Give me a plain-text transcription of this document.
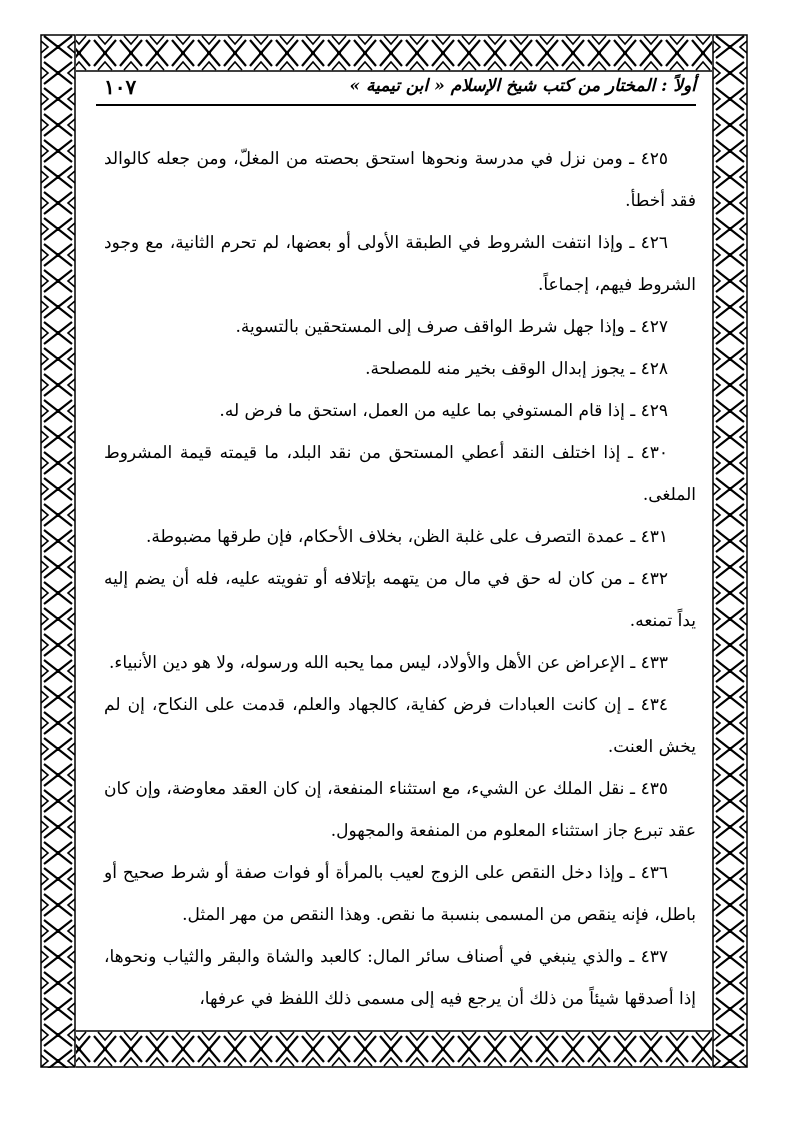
أولاً : المختار من كتب شيخ الإسلام « ابن تيمية »
١٠٧

٤٢٥ ـ ومن نزل في مدرسة ونحوها استحق بحصته من المغلّ، ومن جعله كالوالد فقد أخطأ.

٤٢٦ ـ وإذا انتفت الشروط في الطبقة الأولى أو بعضها، لم تحرم الثانية، مع وجود الشروط فيهم، إجماعاً.

٤٢٧ ـ وإذا جهل شرط الواقف صرف إلى المستحقين بالتسوية.

٤٢٨ ـ يجوز إبدال الوقف بخير منه للمصلحة.

٤٢٩ ـ إذا قام المستوفي بما عليه من العمل، استحق ما فرض له.

٤٣٠ ـ إذا اختلف النقد أعطي المستحق من نقد البلد، ما قيمته قيمة المشروط الملغى.

٤٣١ ـ عمدة التصرف على غلبة الظن، بخلاف الأحكام، فإن طرقها مضبوطة.

٤٣٢ ـ من كان له حق في مال من يتهمه بإتلافه أو تفويته عليه، فله أن يضم إليه يداً تمنعه.

٤٣٣ ـ الإعراض عن الأهل والأولاد، ليس مما يحبه الله ورسوله، ولا هو دين الأنبياء.

٤٣٤ ـ إن كانت العبادات فرض كفاية، كالجهاد والعلم، قدمت على النكاح، إن لم يخش العنت.

٤٣٥ ـ نقل الملك عن الشيء، مع استثناء المنفعة، إن كان العقد معاوضة، وإن كان عقد تبرع جاز استثناء المعلوم من المنفعة والمجهول.

٤٣٦ ـ وإذا دخل النقص على الزوج لعيب بالمرأة أو فوات صفة أو شرط صحيح أو باطل، فإنه ينقص من المسمى بنسبة ما نقص. وهذا النقص من مهر المثل.

٤٣٧ ـ والذي ينبغي في أصناف سائر المال: كالعبد والشاة والبقر والثياب ونحوها، إذا أصدقها شيئاً من ذلك أن يرجع فيه إلى مسمى ذلك اللفظ في عرفها،
